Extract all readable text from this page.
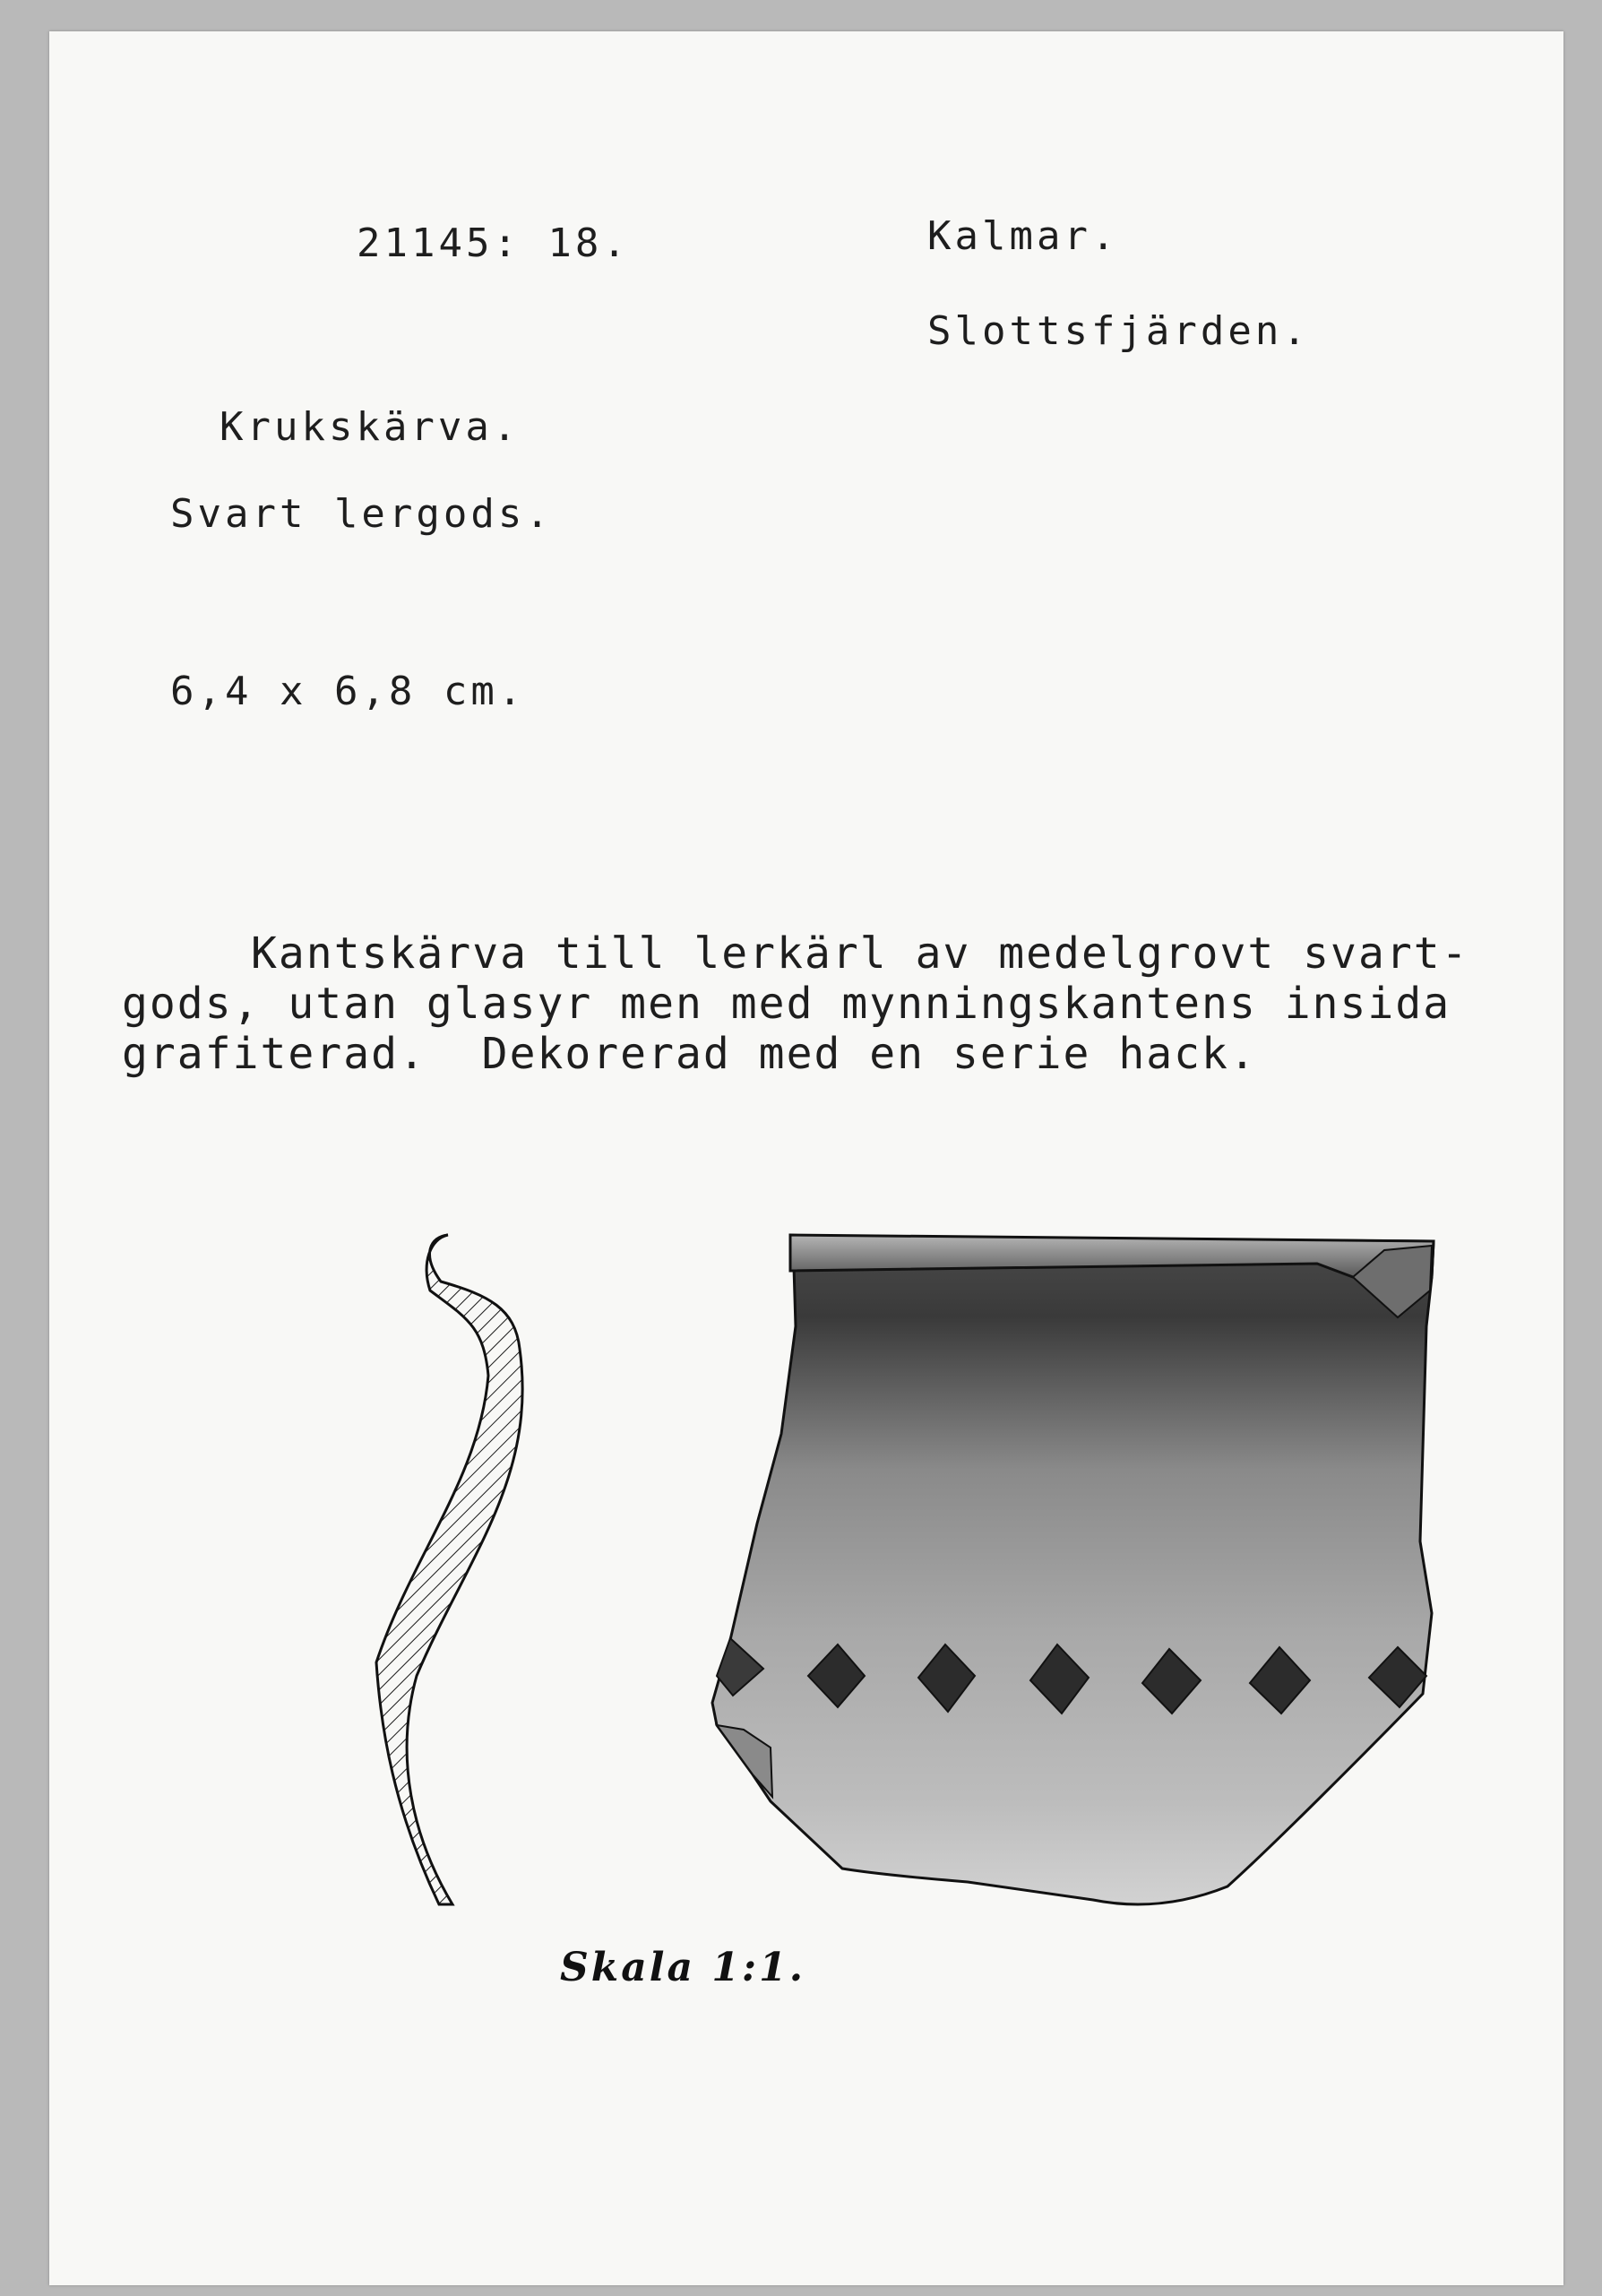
21145: 18.	Kalmar.
Slottsfjärden.
Krukskärva.
Svart lergods.
6,4 x 6,8 cm.
Kantskärva till lerkärl av medelgrovt svart-
gods, utan glasyr men med mynningskantens insida
grafiterad.  Dekorerad med en serie hack.
Skala 1:1.
